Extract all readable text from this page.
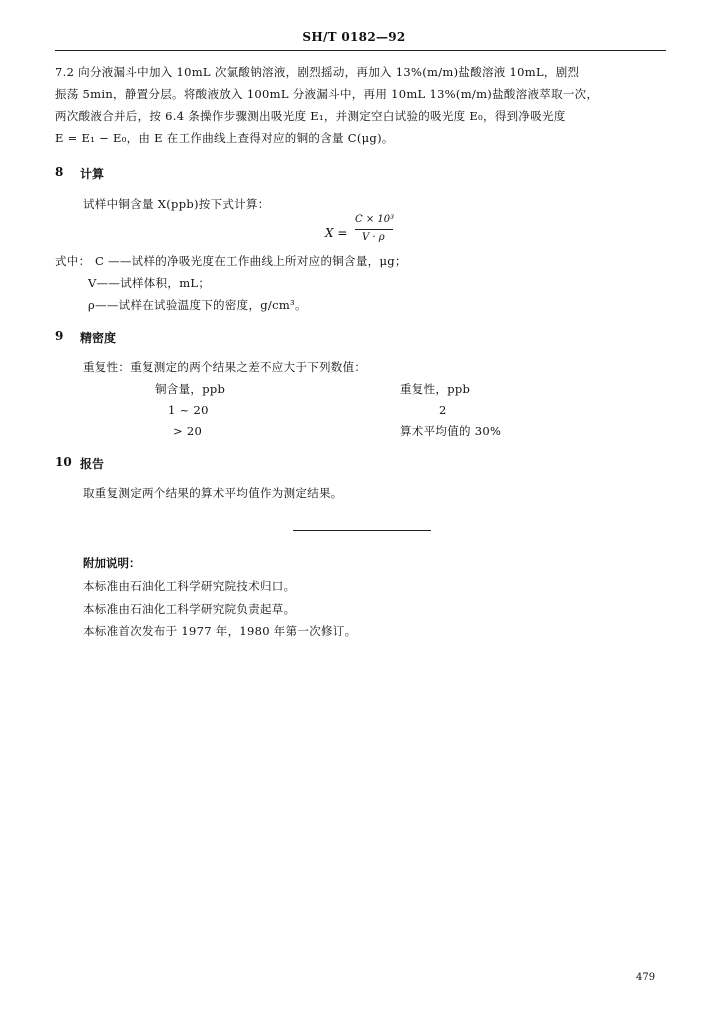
SH/T 0182—92
7.2 向分液漏斗中加入 10mL 次氯酸钠溶液，剧烈摇动，再加入 13%(m/m)盐酸溶液 10mL，剧烈
振荡 5min，静置分层。将酸液放入 100mL 分液漏斗中，再用 10mL 13%(m/m)盐酸溶液萃取一次，
两次酸液合并后，按 6.4 条操作步骤测出吸光度 E₁，并测定空白试验的吸光度 E₀，得到净吸光度
E = E₁ − E₀，由 E 在工作曲线上查得对应的铜的含量 C(μg)。
8 计算
试样中铜含量 X(ppb)按下式计算：
X =
C × 10³
V · ρ
式中： C ——试样的净吸光度在工作曲线上所对应的铜含量，μg；
V——试样体积，mL；
ρ——试样在试验温度下的密度，g/cm³。
9 精密度
重复性：重复测定的两个结果之差不应大于下列数值：
铜含量，ppb	重复性，ppb
1 ~ 20	2
> 20	算术平均值的 30%
10 报告
取重复测定两个结果的算术平均值作为测定结果。
附加说明：
本标准由石油化工科学研究院技术归口。
本标准由石油化工科学研究院负责起草。
本标准首次发布于 1977 年，1980 年第一次修订。
479
